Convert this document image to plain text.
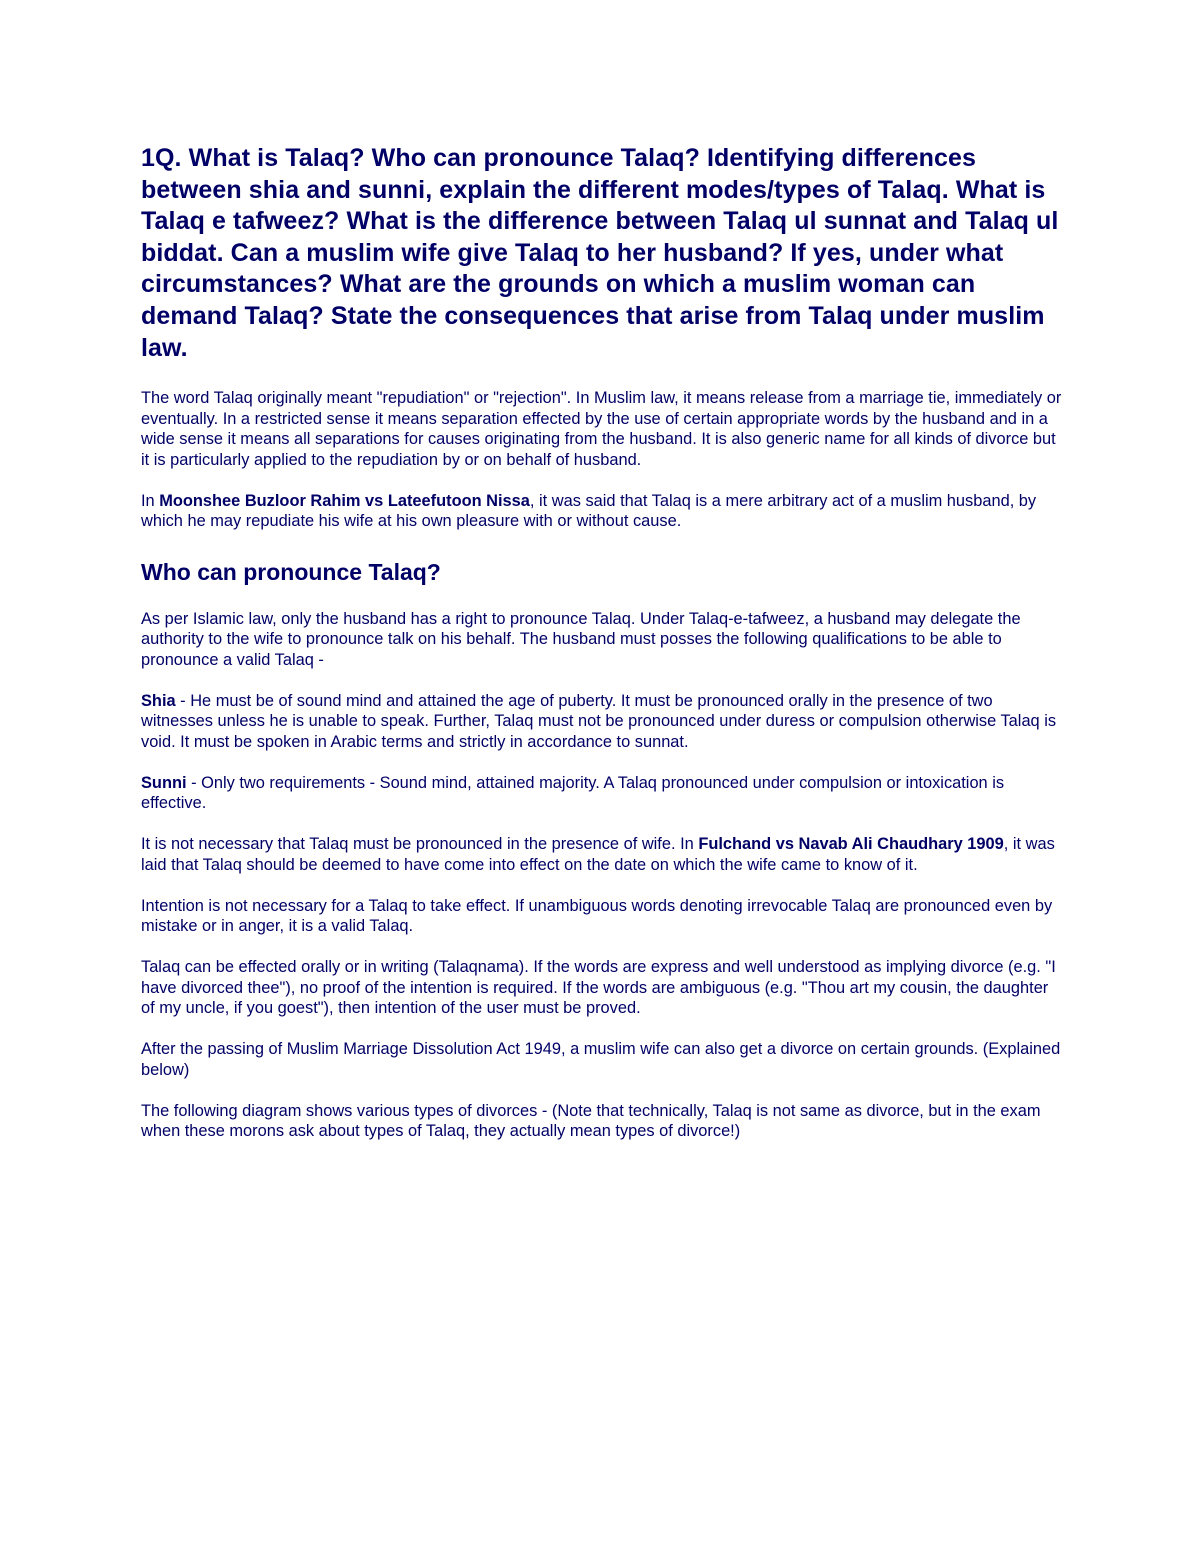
1Q. What is Talaq? Who can pronounce Talaq? Identifying differences between shia and sunni, explain the different modes/types of Talaq. What is Talaq e tafweez? What is the difference between Talaq ul sunnat and Talaq ul biddat. Can a muslim wife give Talaq to her husband? If yes, under what circumstances? What are the grounds on which a muslim woman can demand Talaq? State the consequences that arise from Talaq under muslim law.

The word Talaq originally meant "repudiation" or "rejection". In Muslim law, it means release from a marriage tie, immediately or eventually. In a restricted sense it means separation effected by the use of certain appropriate words by the husband and in a wide sense it means all separations for causes originating from the husband. It is also generic name for all kinds of divorce but it is particularly applied to the repudiation by or on behalf of husband.

In Moonshee Buzloor Rahim vs Lateefutoon Nissa, it was said that Talaq is a mere arbitrary act of a muslim husband, by which he may repudiate his wife at his own pleasure with or without cause.

Who can pronounce Talaq?

As per Islamic law, only the husband has a right to pronounce Talaq. Under Talaq-e-tafweez, a husband may delegate the authority to the wife to pronounce talk on his behalf. The husband must posses the following qualifications to be able to pronounce a valid Talaq -

Shia - He must be of sound mind and attained the age of puberty. It must be pronounced orally in the presence of two witnesses unless he is unable to speak. Further, Talaq must not be pronounced under duress or compulsion otherwise Talaq is void. It must be spoken in Arabic terms and strictly in accordance to sunnat.

Sunni - Only two requirements - Sound mind, attained majority. A Talaq pronounced under compulsion or intoxication is effective.

It is not necessary that Talaq must be pronounced in the presence of wife. In Fulchand vs Navab Ali Chaudhary 1909, it was laid that Talaq should be deemed to have come into effect on the date on which the wife came to know of it.

Intention is not necessary for a Talaq to take effect. If unambiguous words denoting irrevocable Talaq are pronounced even by mistake or in anger, it is a valid Talaq.

Talaq can be effected orally or in writing (Talaqnama). If the words are express and well understood as implying divorce (e.g. "I have divorced thee"), no proof of the intention is required. If the words are ambiguous (e.g. "Thou art my cousin, the daughter of my uncle, if you goest"), then intention of the user must be proved.

After the passing of Muslim Marriage Dissolution Act 1949, a muslim wife can also get a divorce on certain grounds. (Explained below)

The following diagram shows various types of divorces - (Note that technically, Talaq is not same as divorce, but in the exam when these morons ask about types of Talaq, they actually mean types of divorce!)
